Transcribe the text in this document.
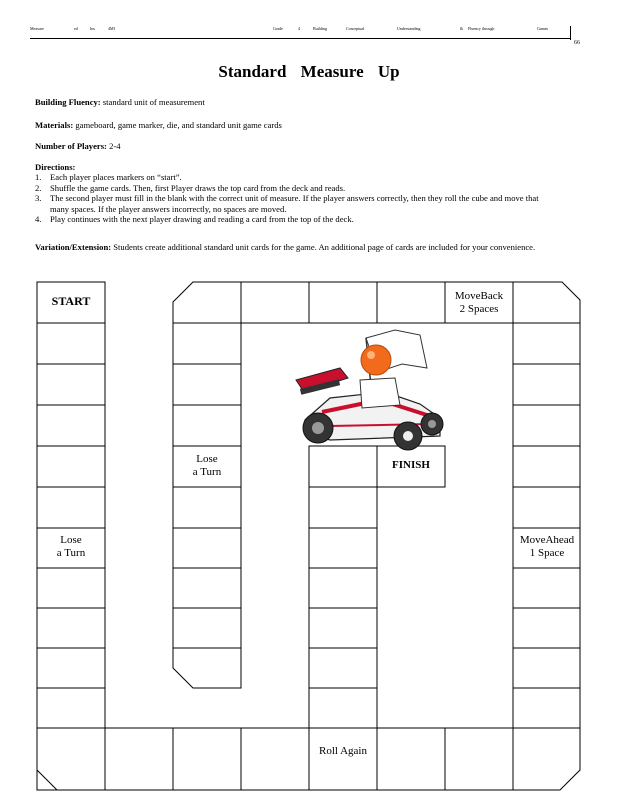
Measure	ed	Ins	4MI	Grade	4	Building	Conceptual	Understanding	& Fluency through	Games
66
Standard Measure Up
Building Fluency: standard unit of measurement
Materials: gameboard, game marker, die, and standard unit game cards
Number of Players: 2-4
Directions:
1. Each player places markers on “start”.
2. Shuffle the game cards. Then, first Player draws the top card from the deck and reads.
3. The second player must fill in the blank with the correct unit of measure. If the player answers correctly, then they roll the cube and move that many spaces. If the player answers incorrectly, no spaces are moved.
4. Play continues with the next player drawing and reading a card from the top of the deck.
Variation/Extension: Students create additional standard unit cards for the game. An additional page of cards are included for your convenience.
START	MoveBack
2 Spaces
Lose
a Turn
FINISH
Lose
a Turn
MoveAhead
1 Space
Roll Again
